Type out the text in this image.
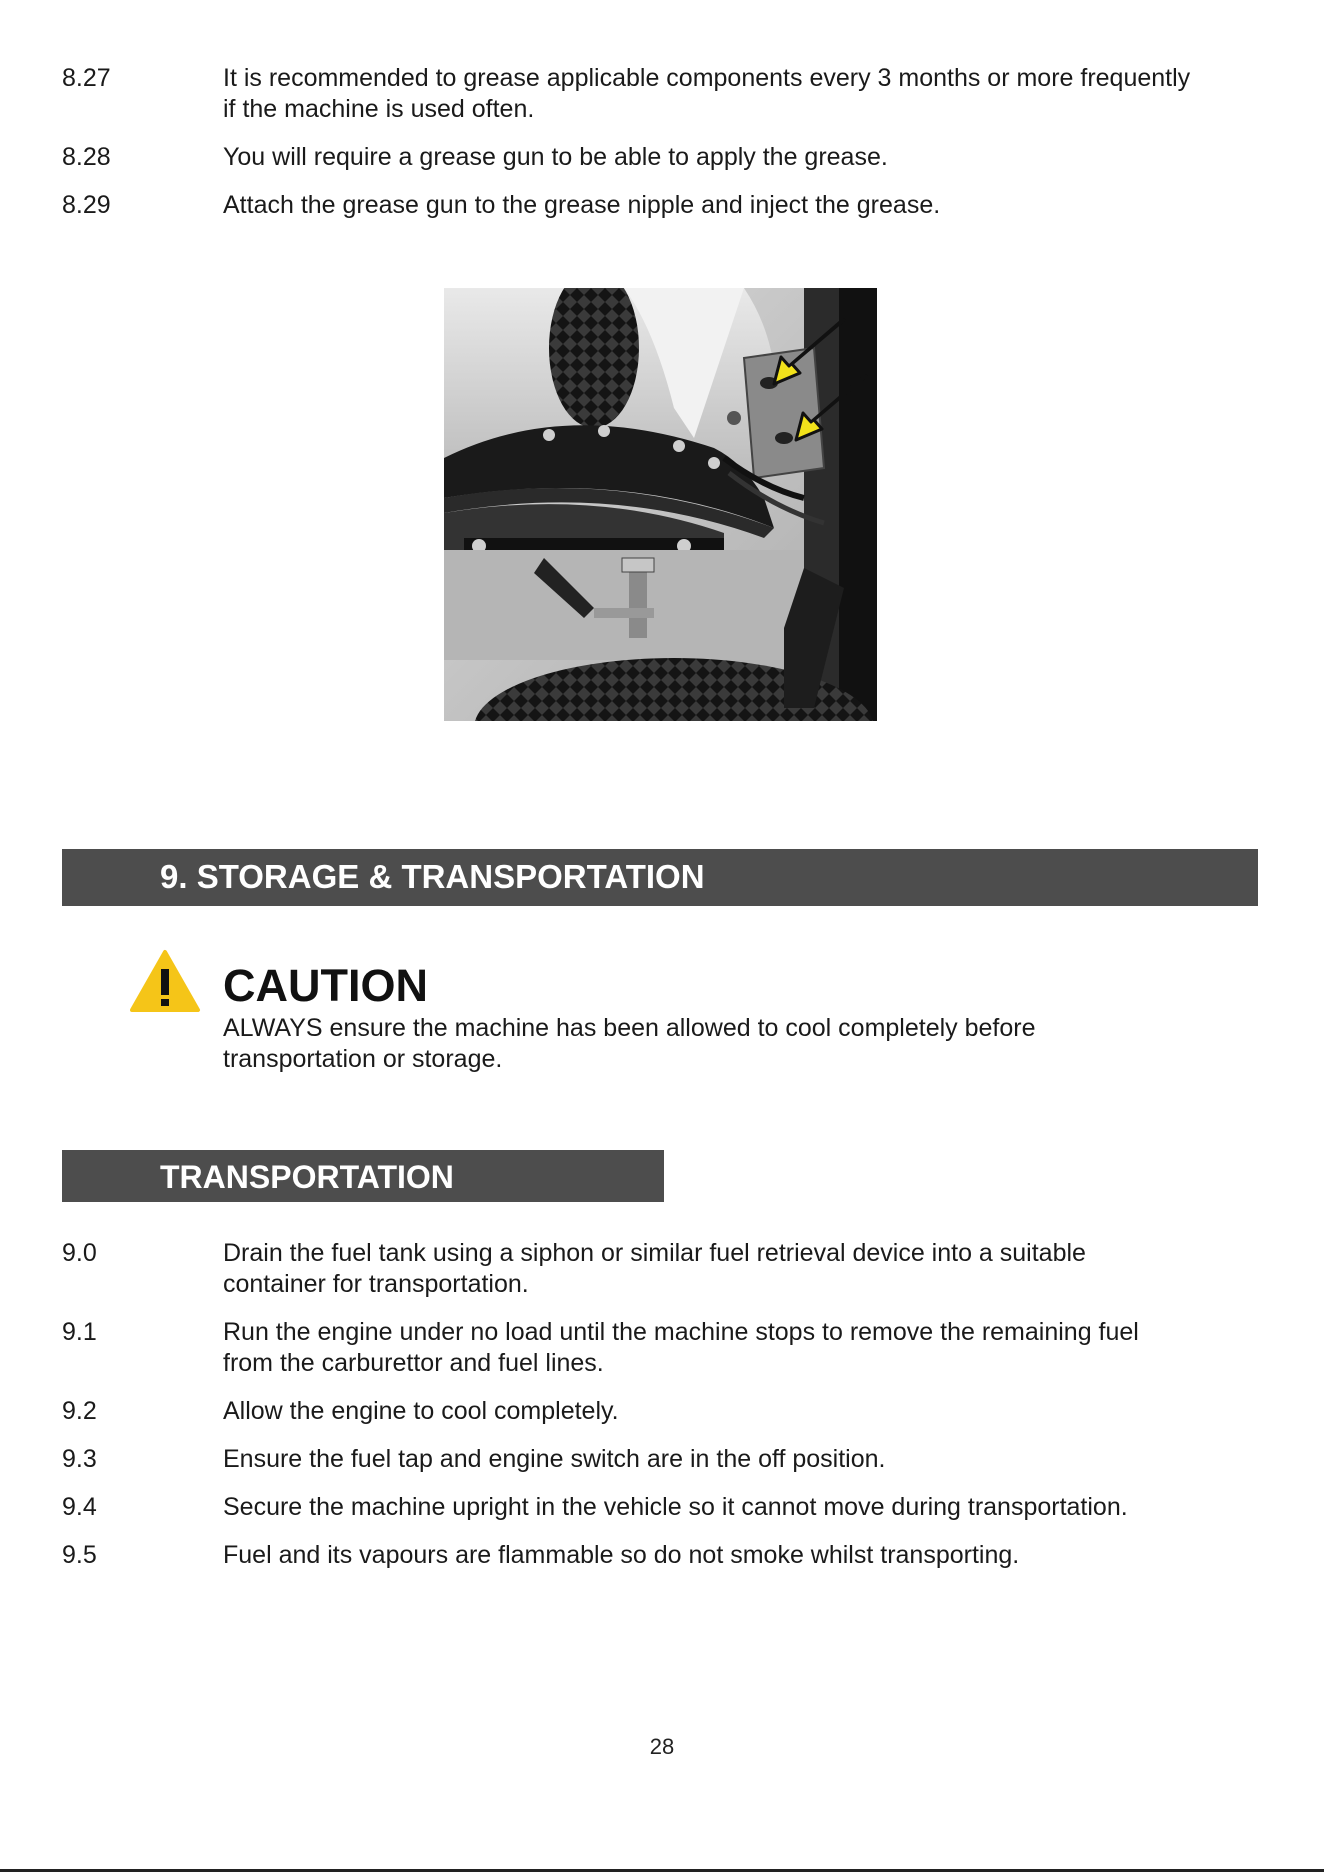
8.27	It is recommended to grease applicable components every 3 months or more frequently
if the machine is used often.
8.28	You will require a grease gun to be able to apply the grease.
8.29	Attach the grease gun to the grease nipple and inject the grease.
9. STORAGE & TRANSPORTATION
CAUTION
ALWAYS ensure the machine has been allowed to cool completely before
transportation or storage.
TRANSPORTATION
9.0	Drain the fuel tank using a siphon or similar fuel retrieval device into a suitable
container for transportation.
9.1	Run the engine under no load until the machine stops to remove the remaining fuel
from the carburettor and fuel lines.
9.2	Allow the engine to cool completely.
9.3	Ensure the fuel tap and engine switch are in the off position.
9.4	Secure the machine upright in the vehicle so it cannot move during transportation.
9.5	Fuel and its vapours are flammable so do not smoke whilst transporting.
28
